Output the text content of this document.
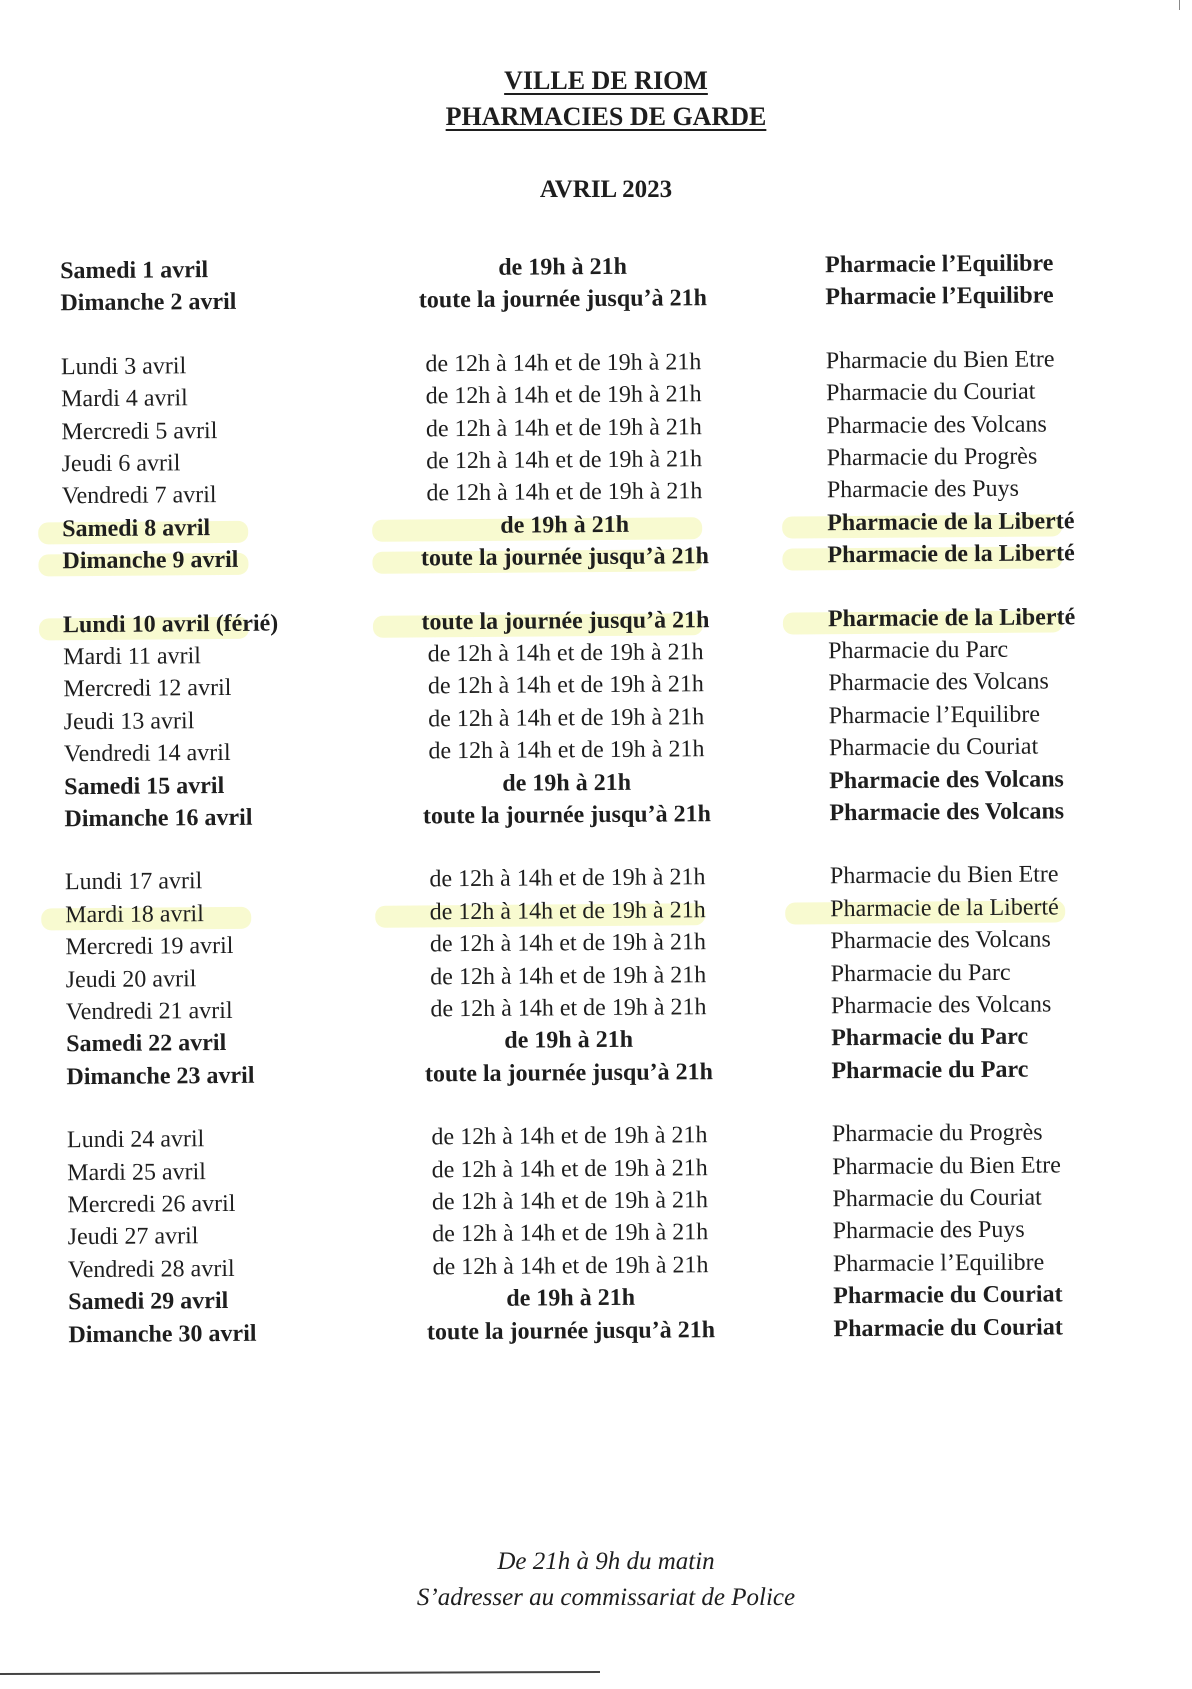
VILLE DE RIOM
PHARMACIES DE GARDE
AVRIL 2023
Samedi 1 avril	de 19h à 21h	Pharmacie l’Equilibre
Dimanche 2 avril	toute la journée jusqu’à 21h	Pharmacie l’Equilibre
Lundi 3 avril	de 12h à 14h et de 19h à 21h	Pharmacie du Bien Etre
Mardi 4 avril	de 12h à 14h et de 19h à 21h	Pharmacie du Couriat
Mercredi 5 avril	de 12h à 14h et de 19h à 21h	Pharmacie des Volcans
Jeudi 6 avril	de 12h à 14h et de 19h à 21h	Pharmacie du Progrès
Vendredi 7 avril	de 12h à 14h et de 19h à 21h	Pharmacie des Puys
Samedi 8 avril	de 19h à 21h	Pharmacie de la Liberté
Dimanche 9 avril	toute la journée jusqu’à 21h	Pharmacie de la Liberté
Lundi 10 avril (férié)	toute la journée jusqu’à 21h	Pharmacie de la Liberté
Mardi 11 avril	de 12h à 14h et de 19h à 21h	Pharmacie du Parc
Mercredi 12 avril	de 12h à 14h et de 19h à 21h	Pharmacie des Volcans
Jeudi 13 avril	de 12h à 14h et de 19h à 21h	Pharmacie l’Equilibre
Vendredi 14 avril	de 12h à 14h et de 19h à 21h	Pharmacie du Couriat
Samedi 15 avril	de 19h à 21h	Pharmacie des Volcans
Dimanche 16 avril	toute la journée jusqu’à 21h	Pharmacie des Volcans
Lundi 17 avril	de 12h à 14h et de 19h à 21h	Pharmacie du Bien Etre
Mardi 18 avril	de 12h à 14h et de 19h à 21h	Pharmacie de la Liberté
Mercredi 19 avril	de 12h à 14h et de 19h à 21h	Pharmacie des Volcans
Jeudi 20 avril	de 12h à 14h et de 19h à 21h	Pharmacie du Parc
Vendredi 21 avril	de 12h à 14h et de 19h à 21h	Pharmacie des Volcans
Samedi 22 avril	de 19h à 21h	Pharmacie du Parc
Dimanche 23 avril	toute la journée jusqu’à 21h	Pharmacie du Parc
Lundi 24 avril	de 12h à 14h et de 19h à 21h	Pharmacie du Progrès
Mardi 25 avril	de 12h à 14h et de 19h à 21h	Pharmacie du Bien Etre
Mercredi 26 avril	de 12h à 14h et de 19h à 21h	Pharmacie du Couriat
Jeudi 27 avril	de 12h à 14h et de 19h à 21h	Pharmacie des Puys
Vendredi 28 avril	de 12h à 14h et de 19h à 21h	Pharmacie l’Equilibre
Samedi 29 avril	de 19h à 21h	Pharmacie du Couriat
Dimanche 30 avril	toute la journée jusqu’à 21h	Pharmacie du Couriat
De 21h à 9h du matin
S’adresser au commissariat de Police
